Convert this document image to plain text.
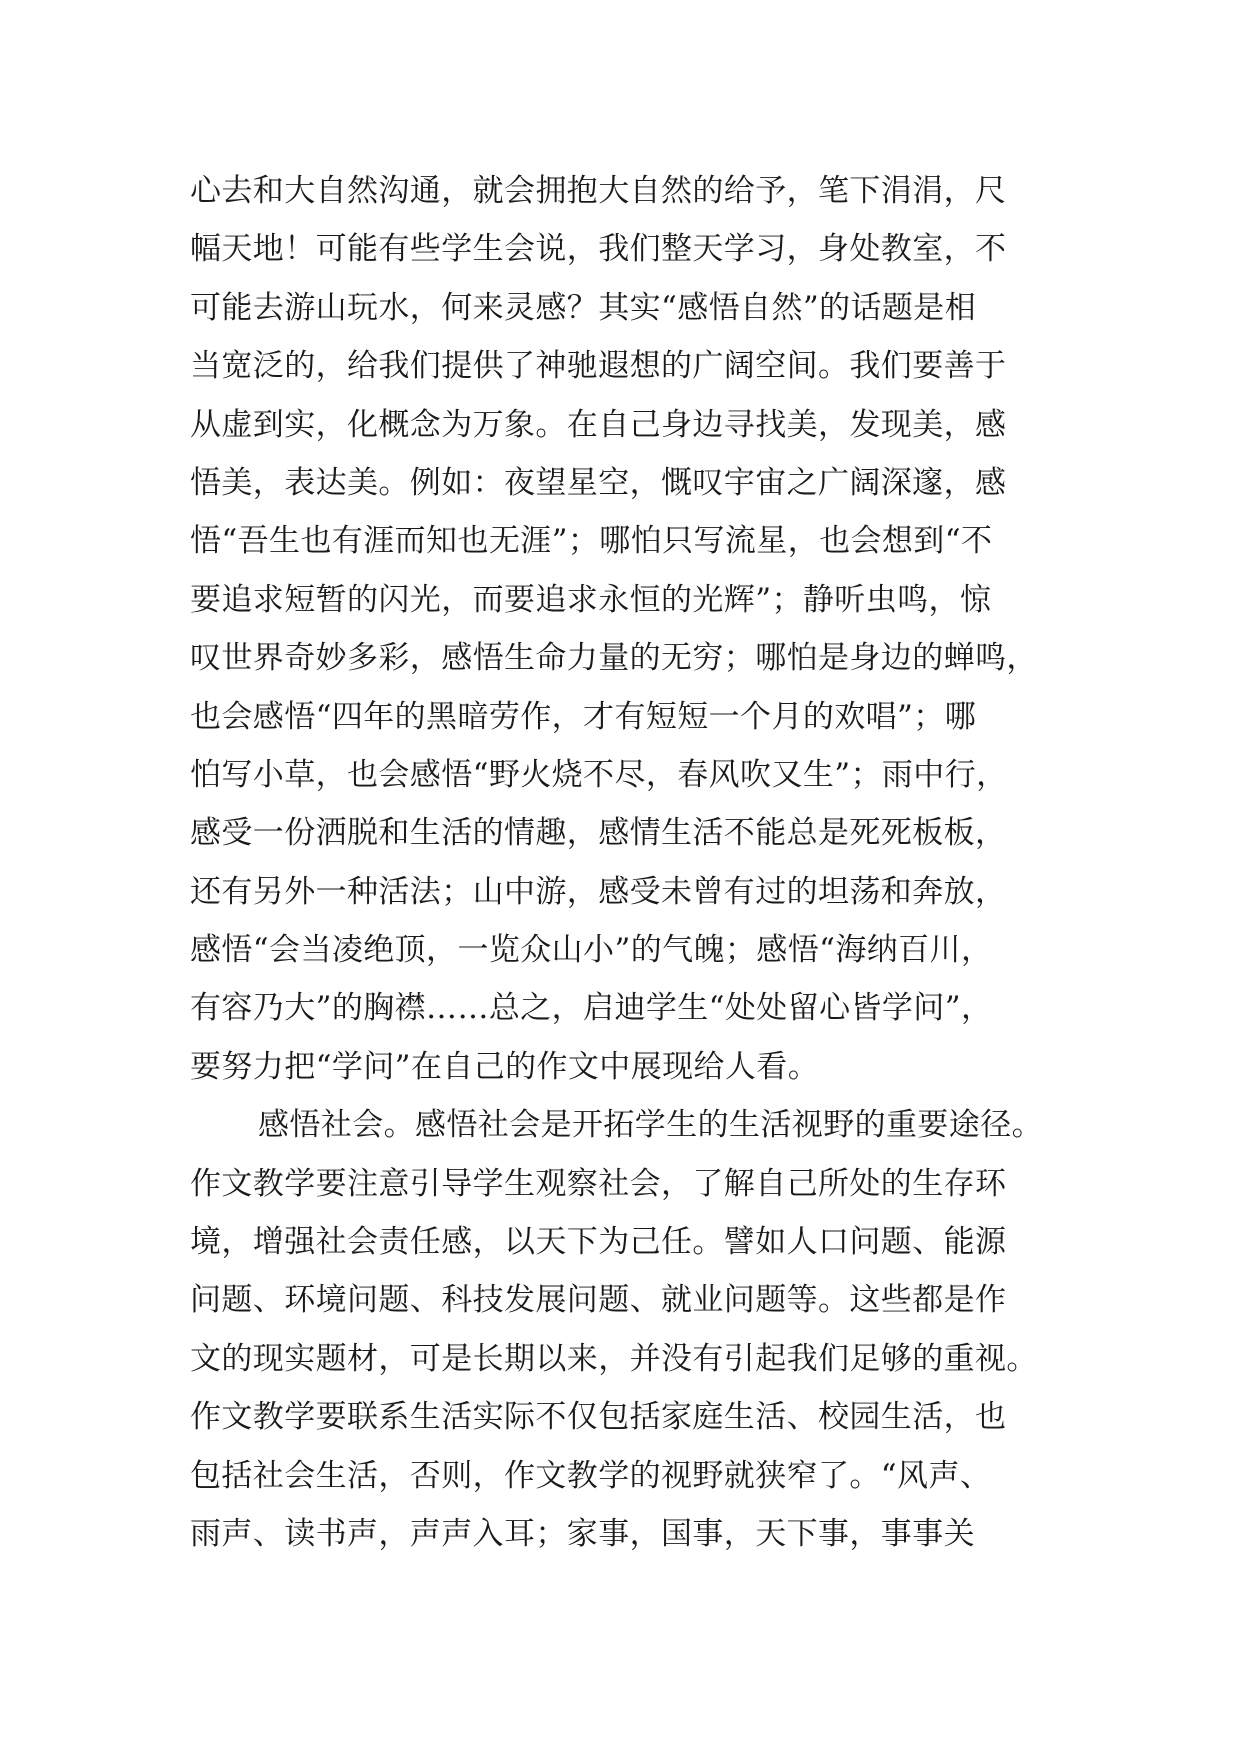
心去和大自然沟通，就会拥抱大自然的给予，笔下涓涓，尺
幅天地！可能有些学生会说，我们整天学习，身处教室，不
可能去游山玩水，何来灵感？其实“感悟自然”的话题是相
当宽泛的，给我们提供了神驰遐想的广阔空间。我们要善于
从虚到实，化概念为万象。在自己身边寻找美，发现美，感
悟美，表达美。例如：夜望星空，慨叹宇宙之广阔深邃，感
悟“吾生也有涯而知也无涯”；哪怕只写流星，也会想到“不
要追求短暂的闪光，而要追求永恒的光辉”；静听虫鸣，惊
叹世界奇妙多彩，感悟生命力量的无穷；哪怕是身边的蝉鸣，
也会感悟“四年的黑暗劳作，才有短短一个月的欢唱”；哪
怕写小草，也会感悟“野火烧不尽，春风吹又生”；雨中行，
感受一份洒脱和生活的情趣，感情生活不能总是死死板板，
还有另外一种活法；山中游，感受未曾有过的坦荡和奔放，
感悟“会当凌绝顶，一览众山小”的气魄；感悟“海纳百川，
有容乃大”的胸襟……总之，启迪学生“处处留心皆学问”，
要努力把“学问”在自己的作文中展现给人看。
感悟社会。感悟社会是开拓学生的生活视野的重要途径。
作文教学要注意引导学生观察社会，了解自己所处的生存环
境，增强社会责任感，以天下为己任。譬如人口问题、能源
问题、环境问题、科技发展问题、就业问题等。这些都是作
文的现实题材，可是长期以来，并没有引起我们足够的重视。
作文教学要联系生活实际不仅包括家庭生活、校园生活，也
包括社会生活，否则，作文教学的视野就狭窄了。“风声、
雨声、读书声，声声入耳；家事，国事，天下事，事事关
